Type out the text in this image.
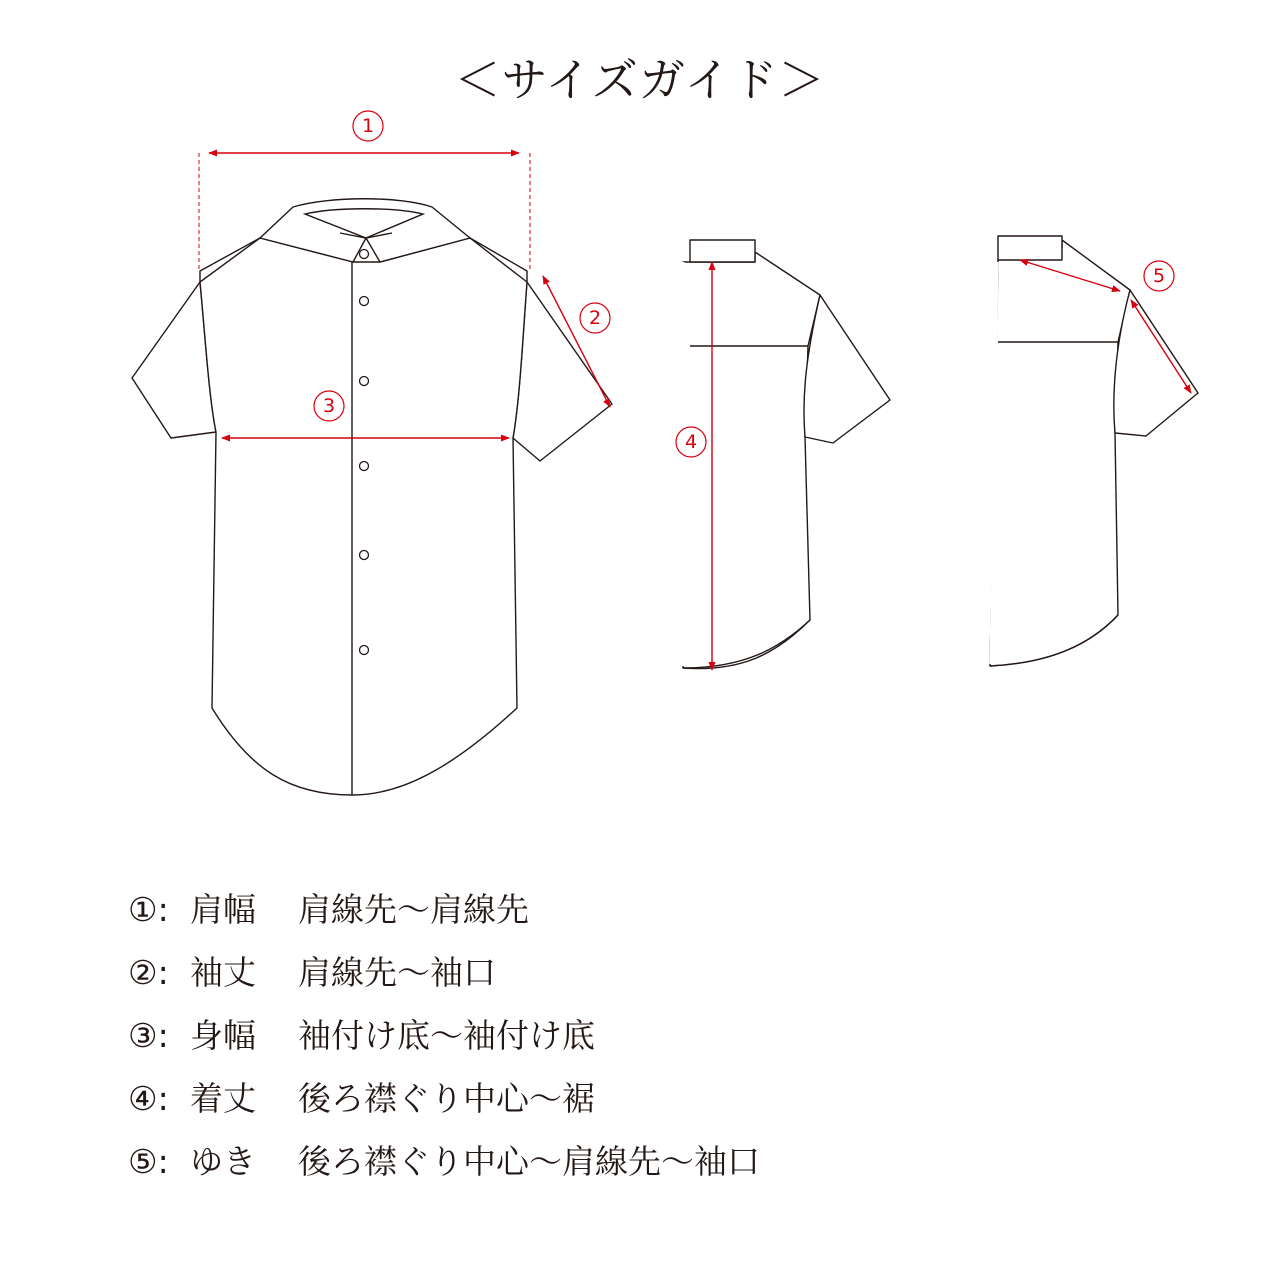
＜サイズガイド＞
1
2
3
4
5
①: 肩幅 肩線先〜肩線先
②: 袖丈 肩線先〜袖口
③: 身幅 袖付け底〜袖付け底
④: 着丈 後ろ襟ぐり中心〜裾
⑤: ゆき 後ろ襟ぐり中心〜肩線先〜袖口
